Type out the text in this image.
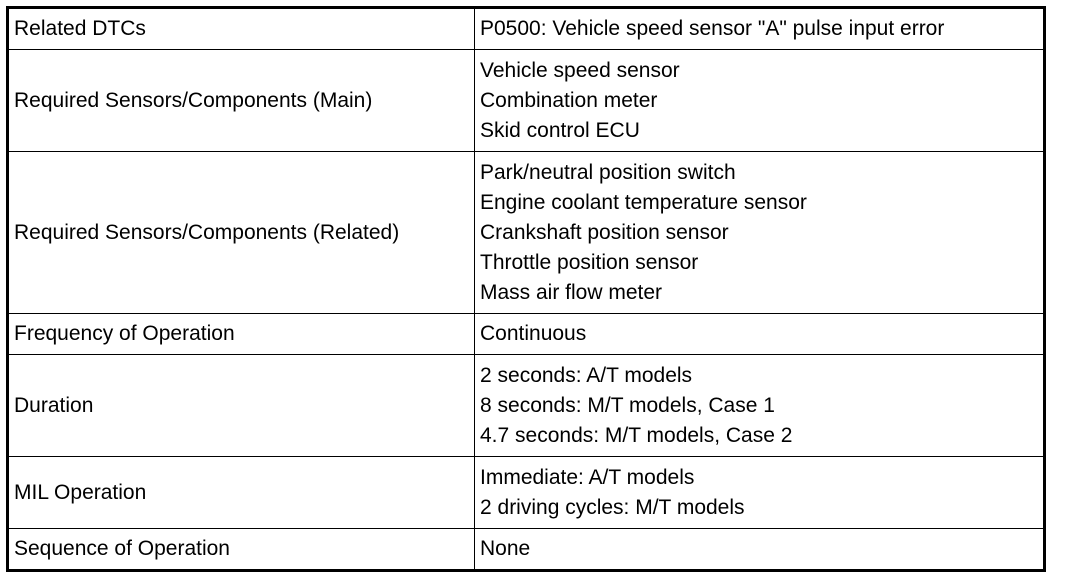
Related DTCs	P0500: Vehicle speed sensor "A" pulse input error

Required Sensors/Components (Main)	Vehicle speed sensor
Combination meter
Skid control ECU

Required Sensors/Components (Related)	Park/neutral position switch
Engine coolant temperature sensor
Crankshaft position sensor
Throttle position sensor
Mass air flow meter

Frequency of Operation	Continuous

Duration	2 seconds: A/T models
8 seconds: M/T models, Case 1
4.7 seconds: M/T models, Case 2

MIL Operation	Immediate: A/T models
2 driving cycles: M/T models

Sequence of Operation	None
